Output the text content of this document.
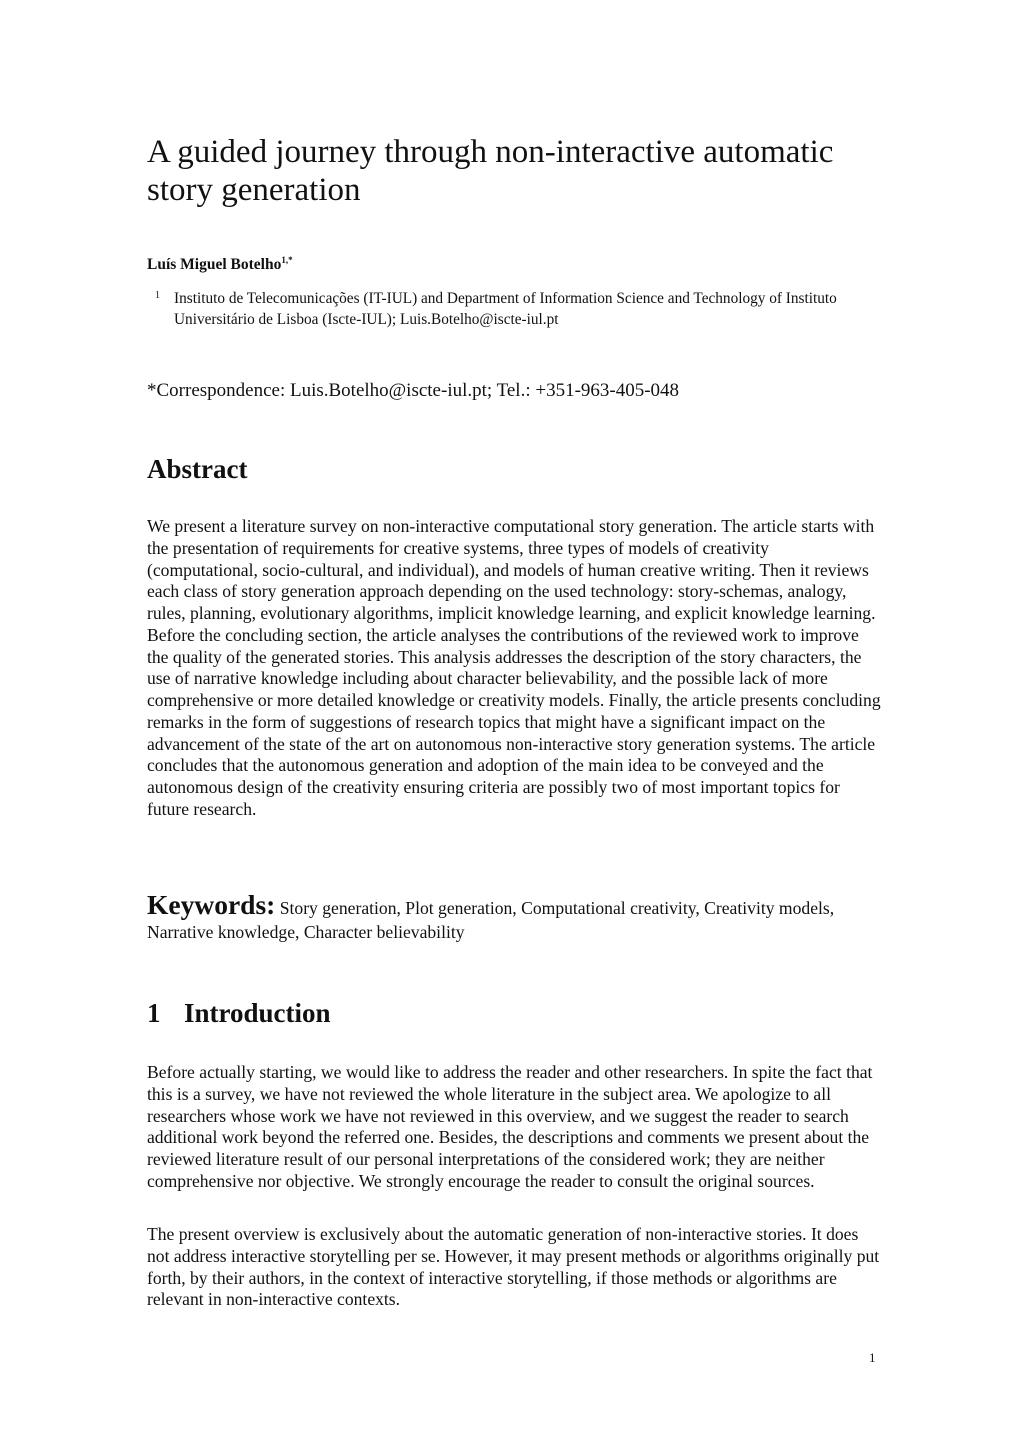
A guided journey through non-interactive automatic story generation
Luís Miguel Botelho$^{1,*}$
1 Instituto de Telecomunicações (IT-IUL) and Department of Information Science and Technology of Instituto Universitário de Lisboa (Iscte-IUL); Luis.Botelho@iscte-iul.pt
*Correspondence: Luis.Botelho@iscte-iul.pt; Tel.: +351-963-405-048
Abstract

We present a literature survey on non-interactive computational story generation. The article starts with the presentation of requirements for creative systems, three types of models of creativity (computational, socio-cultural, and individual), and models of human creative writing. Then it reviews each class of story generation approach depending on the used technology: story-schemas, analogy, rules, planning, evolutionary algorithms, implicit knowledge learning, and explicit knowledge learning. Before the concluding section, the article analyses the contributions of the reviewed work to improve the quality of the generated stories. This analysis addresses the description of the story characters, the use of narrative knowledge including about character believability, and the possible lack of more comprehensive or more detailed knowledge or creativity models. Finally, the article presents concluding remarks in the form of suggestions of research topics that might have a significant impact on the advancement of the state of the art on autonomous non-interactive story generation systems. The article concludes that the autonomous generation and adoption of the main idea to be conveyed and the autonomous design of the creativity ensuring criteria are possibly two of most important topics for future research.

Keywords: Story generation, Plot generation, Computational creativity, Creativity models, Narrative knowledge, Character believability

1 Introduction

Before actually starting, we would like to address the reader and other researchers. In spite the fact that this is a survey, we have not reviewed the whole literature in the subject area. We apologize to all researchers whose work we have not reviewed in this overview, and we suggest the reader to search additional work beyond the referred one. Besides, the descriptions and comments we present about the reviewed literature result of our personal interpretations of the considered work; they are neither comprehensive nor objective. We strongly encourage the reader to consult the original sources.

The present overview is exclusively about the automatic generation of non-interactive stories. It does not address interactive storytelling per se. However, it may present methods or algorithms originally put forth, by their authors, in the context of interactive storytelling, if those methods or algorithms are relevant in non-interactive contexts.

1
